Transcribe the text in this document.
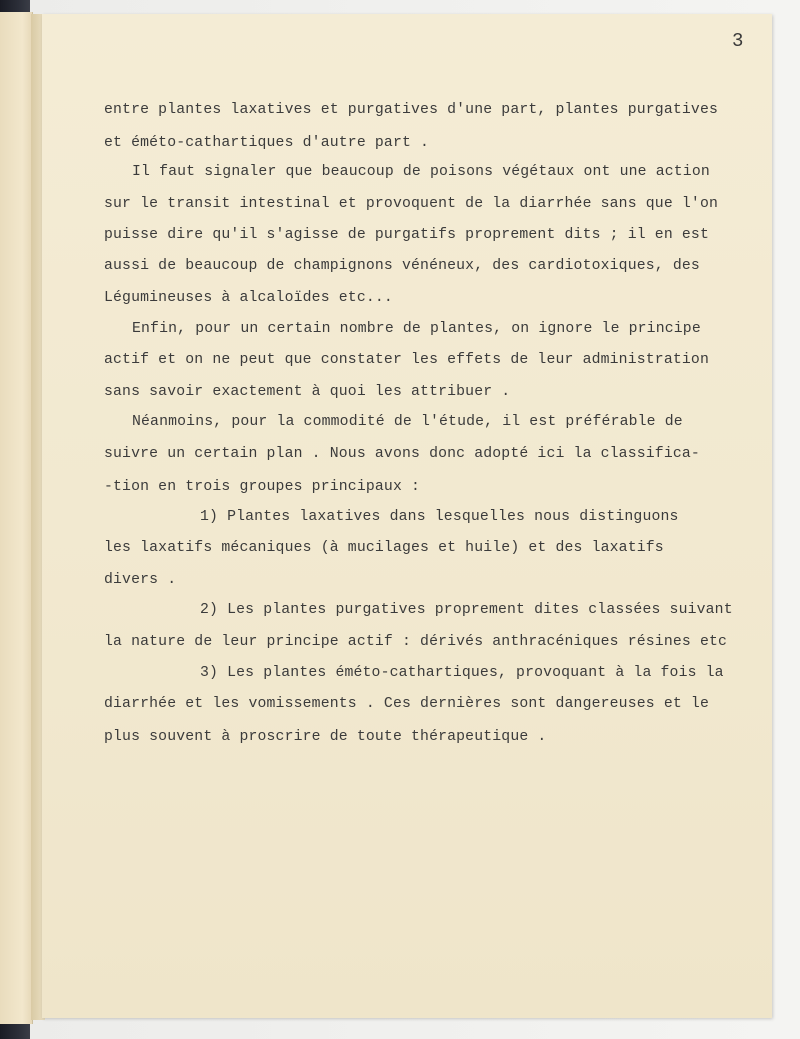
3
entre plantes laxatives et purgatives d'une part, plantes purgatives
et éméto-cathartiques d'autre part .
Il faut signaler que beaucoup de poisons végétaux ont une action
sur le transit intestinal et provoquent de la diarrhée sans que l'on
puisse dire qu'il s'agisse de purgatifs proprement dits ; il en est
aussi de beaucoup de champignons vénéneux, des cardiotoxiques, des
Légumineuses à alcaloïdes etc...
Enfin, pour un certain nombre de plantes, on ignore le principe
actif et on ne peut que constater les effets de leur administration
sans savoir exactement à quoi les attribuer .
Néanmoins, pour la commodité de l'étude, il est préférable de
suivre un certain plan . Nous avons donc adopté ici la classifica-
-tion en trois groupes principaux :
1) Plantes laxatives dans lesquelles nous distinguons
les laxatifs mécaniques (à mucilages et huile) et des laxatifs
divers .
2) Les plantes purgatives proprement dites classées suivant
la nature de leur principe actif : dérivés anthracéniques résines etc
3) Les plantes éméto-cathartiques, provoquant à la fois la
diarrhée et les vomissements . Ces dernières sont dangereuses et le
plus souvent à proscrire de toute thérapeutique .
